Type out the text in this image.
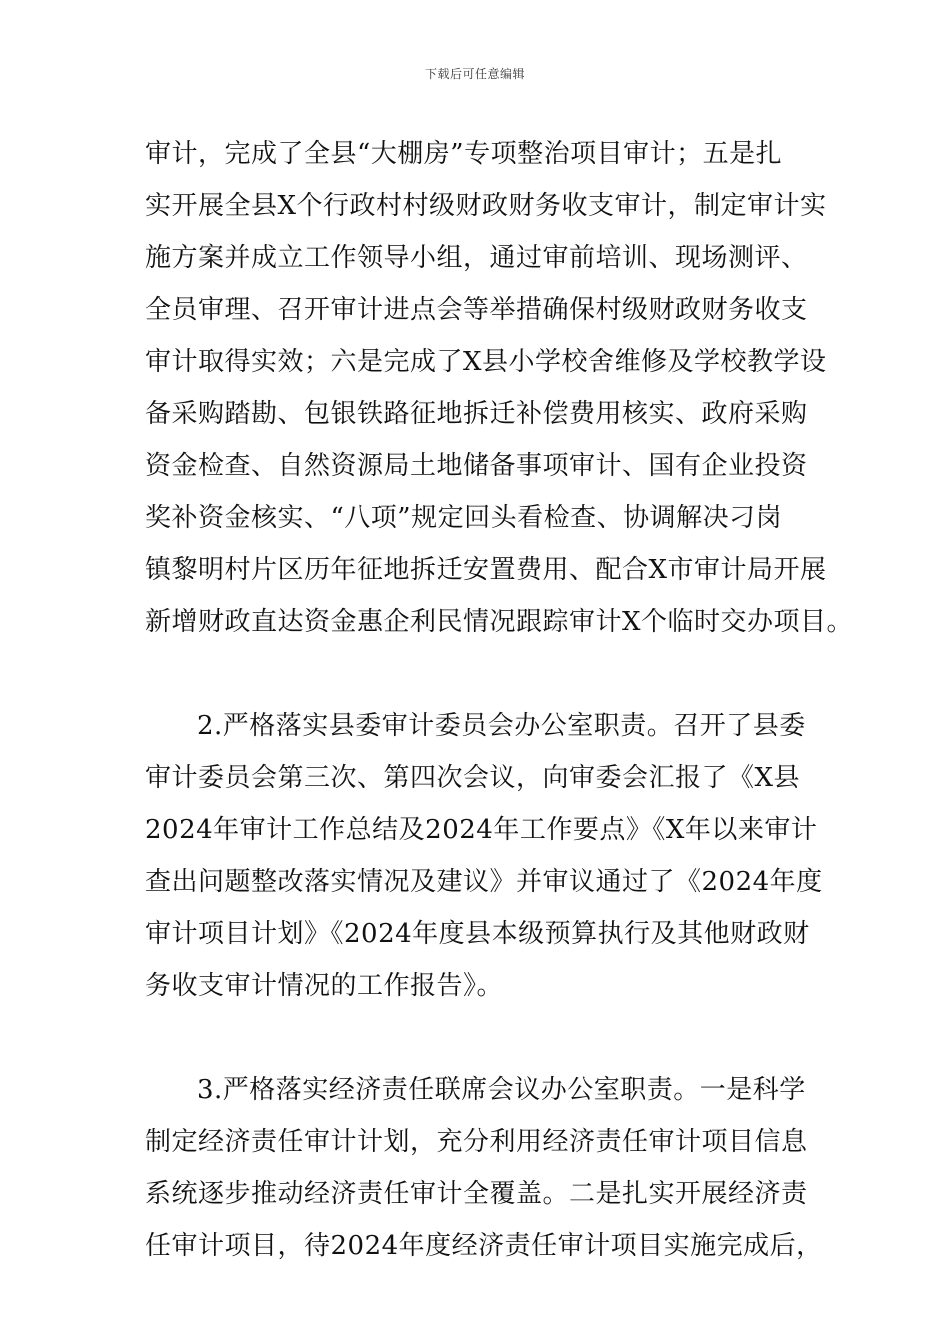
下载后可任意编辑
审计，完成了全县“大棚房”专项整治项目审计；五是扎
实开展全县X个行政村村级财政财务收支审计，制定审计实
施方案并成立工作领导小组，通过审前培训、现场测评、
全员审理、召开审计进点会等举措确保村级财政财务收支
审计取得实效；六是完成了X县小学校舍维修及学校教学设
备采购踏勘、包银铁路征地拆迁补偿费用核实、政府采购
资金检查、自然资源局土地储备事项审计、国有企业投资
奖补资金核实、“八项”规定回头看检查、协调解决刁岗
镇黎明村片区历年征地拆迁安置费用、配合X市审计局开展
新增财政直达资金惠企利民情况跟踪审计X个临时交办项目。
2.严格落实县委审计委员会办公室职责。召开了县委
审计委员会第三次、第四次会议，向审委会汇报了《X县
2024年审计工作总结及2024年工作要点》《X年以来审计
查出问题整改落实情况及建议》并审议通过了《2024年度
审计项目计划》《2024年度县本级预算执行及其他财政财
务收支审计情况的工作报告》。
3.严格落实经济责任联席会议办公室职责。一是科学
制定经济责任审计计划，充分利用经济责任审计项目信息
系统逐步推动经济责任审计全覆盖。二是扎实开展经济责
任审计项目，待2024年度经济责任审计项目实施完成后，
